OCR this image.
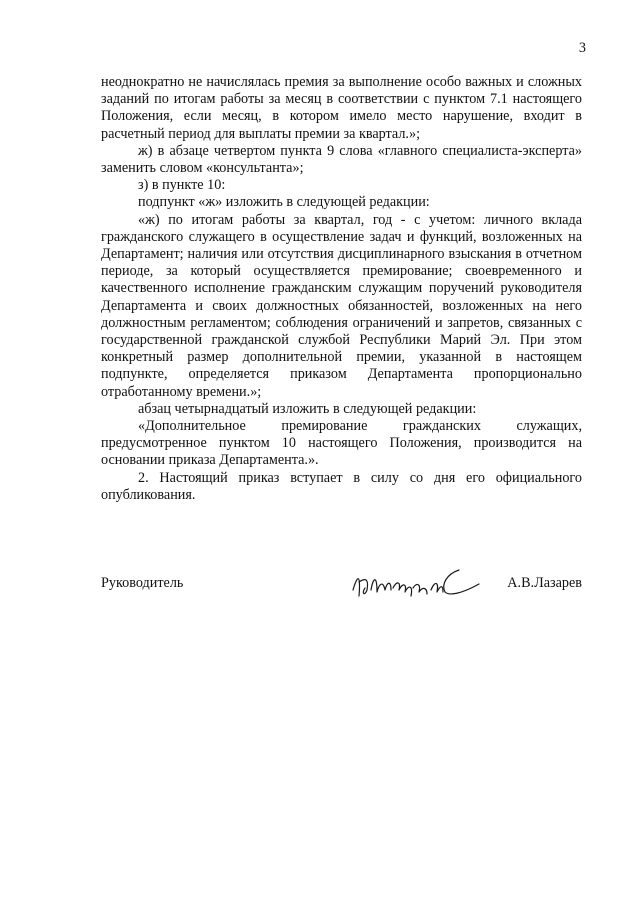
3

неоднократно не начислялась премия за выполнение особо важных и сложных заданий по итогам работы за месяц в соответствии с пунктом 7.1 настоящего Положения, если месяц, в котором имело место нарушение, входит в расчетный период для выплаты премии за квартал.»;

ж) в абзаце четвертом пункта 9 слова «главного специалиста-эксперта» заменить словом «консультанта»;

з) в пункте 10:

подпункт «ж» изложить в следующей редакции:

«ж) по итогам работы за квартал, год - с учетом: личного вклада гражданского служащего в осуществление задач и функций, возложенных на Департамент; наличия или отсутствия дисциплинарного взыскания в отчетном периоде, за который осуществляется премирование; своевременного и качественного исполнение гражданским служащим поручений руководителя Департамента и своих должностных обязанностей, возложенных на него должностным регламентом; соблюдения ограничений и запретов, связанных с государственной гражданской службой Республики Марий Эл. При этом конкретный размер дополнительной премии, указанной в настоящем подпункте, определяется приказом Департамента пропорционально отработанному времени.»;

абзац четырнадцатый изложить в следующей редакции:

«Дополнительное премирование гражданских служащих, предусмотренное пунктом 10 настоящего Положения, производится на основании приказа Департамента.».

2. Настоящий приказ вступает в силу со дня его официального опубликования.

Руководитель	А.В.Лазарев
